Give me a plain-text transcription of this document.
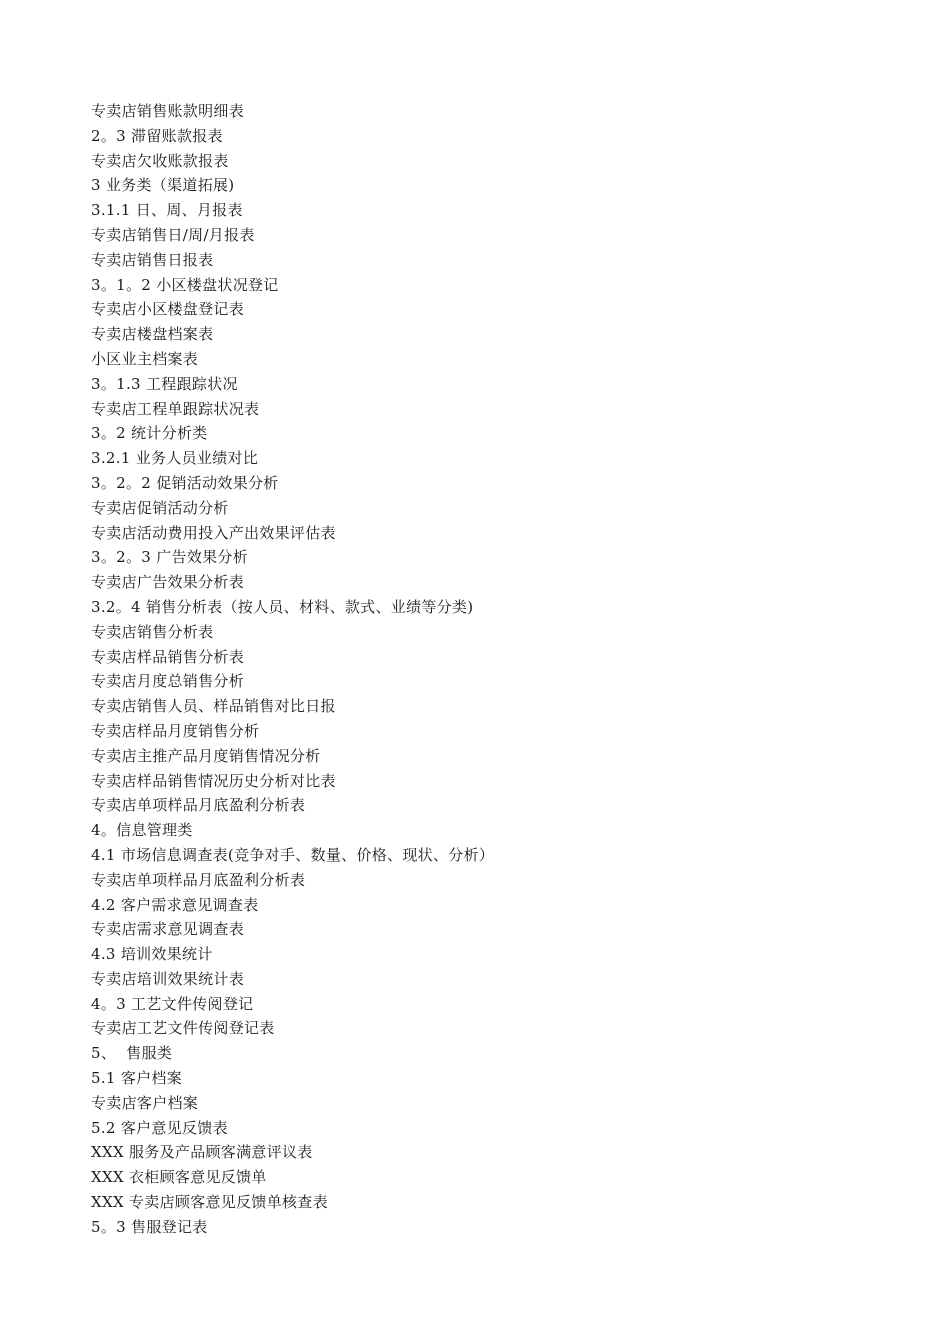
专卖店销售账款明细表
2。3 滞留账款报表
专卖店欠收账款报表
3 业务类（渠道拓展)
3.1.1 日、周、月报表
专卖店销售日/周/月报表
专卖店销售日报表
3。1。2 小区楼盘状况登记
专卖店小区楼盘登记表
专卖店楼盘档案表
小区业主档案表
3。1.3 工程跟踪状况
专卖店工程单跟踪状况表
3。2 统计分析类
3.2.1 业务人员业绩对比
3。2。2 促销活动效果分析
专卖店促销活动分析
专卖店活动费用投入产出效果评估表
3。2。3 广告效果分析
专卖店广告效果分析表
3.2。4 销售分析表（按人员、材料、款式、业绩等分类)
专卖店销售分析表
专卖店样品销售分析表
专卖店月度总销售分析
专卖店销售人员、样品销售对比日报
专卖店样品月度销售分析
专卖店主推产品月度销售情况分析
专卖店样品销售情况历史分析对比表
专卖店单项样品月底盈利分析表
4。信息管理类
4.1 市场信息调查表(竞争对手、数量、价格、现状、分析）
专卖店单项样品月底盈利分析表
4.2 客户需求意见调查表
专卖店需求意见调查表
4.3 培训效果统计
专卖店培训效果统计表
4。3 工艺文件传阅登记
专卖店工艺文件传阅登记表
5、  售服类
5.1 客户档案
专卖店客户档案
5.2 客户意见反馈表
XXX 服务及产品顾客满意评议表
XXX 衣柜顾客意见反馈单
XXX 专卖店顾客意见反馈单核查表
5。3 售服登记表
